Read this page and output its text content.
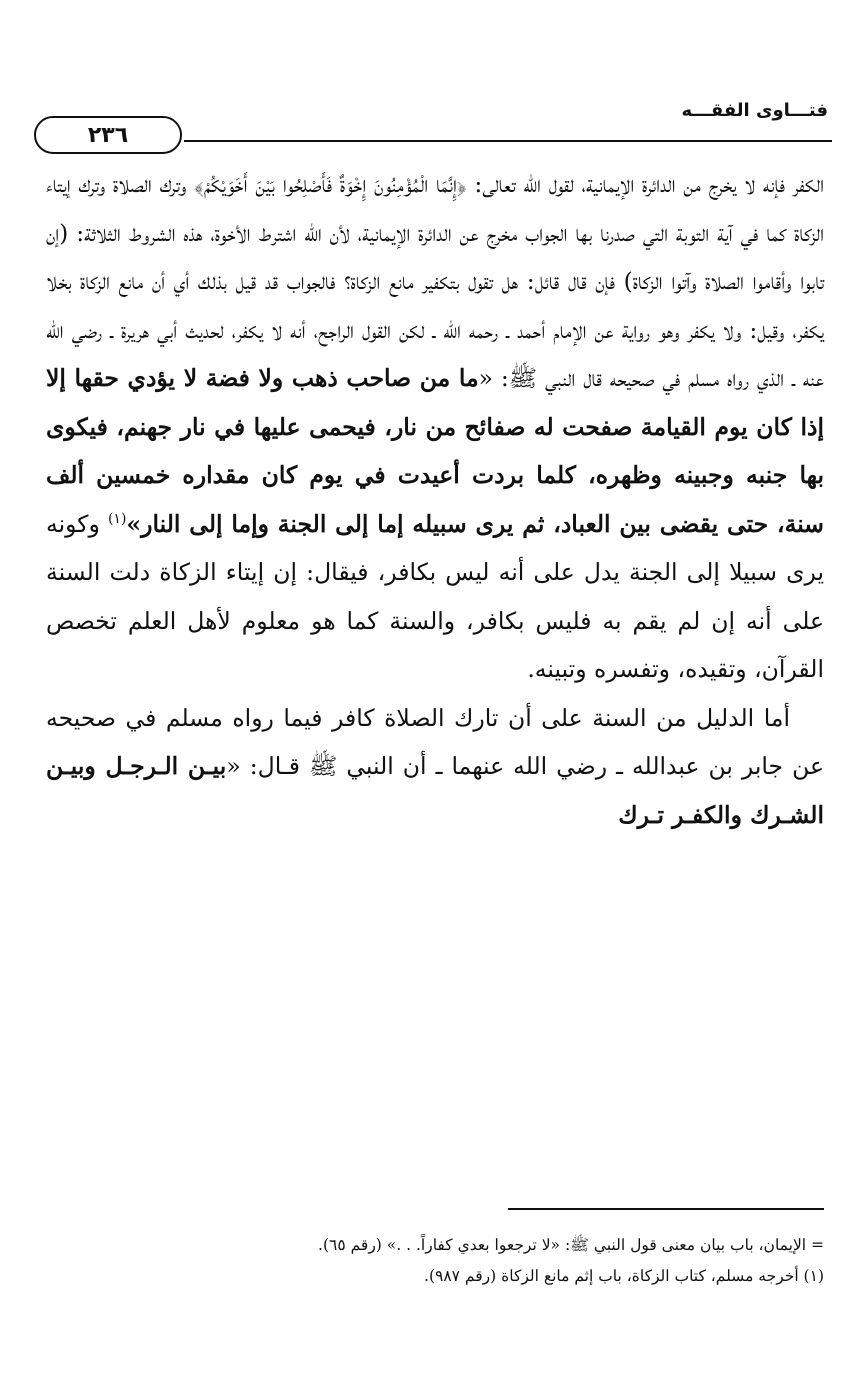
فتـــاوى الفقـــه
٢٣٦

الكفر فإنه لا يخرج من الدائرة الإيمانية، لقول الله تعالى: ﴿إِنَّمَا الْمُؤْمِنُونَ إِخْوَةٌ فَأَصْلِحُوا بَيْنَ أَخَوَيْكُمْ﴾ وترك الصلاة وترك إيتاء الزكاة كما في آية التوبة التي صدرنا بها الجواب مخرج عن الدائرة الإيمانية، لأن الله اشترط الأخوة، هذه الشروط الثلاثة: (إن تابوا وأقاموا الصلاة وآتوا الزكاة) فإن قال قائل: هل تقول بتكفير مانع الزكاة؟ فالجواب قد قيل بذلك أي أن مانع الزكاة بخلا يكفر، وقيل: ولا يكفر وهو رواية عن الإمام أحمد ـ رحمه الله ـ لكن القول الراجح، أنه لا يكفر، لحديث أبي هريرة ـ رضي الله عنه ـ الذي رواه مسلم في صحيحه قال النبي ﷺ: «ما من صاحب ذهب ولا فضة لا يؤدي حقها إلا إذا كان يوم القيامة صفحت له صفائح من نار، فيحمى عليها في نار جهنم، فيكوى بها جنبه وجبينه وظهره، كلما بردت أعيدت في يوم كان مقداره خمسين ألف سنة، حتى يقضى بين العباد، ثم يرى سبيله إما إلى الجنة وإما إلى النار»$^{(١)}$ وكونه يرى سبيلا إلى الجنة يدل على أنه ليس بكافر، فيقال: إن إيتاء الزكاة دلت السنة على أنه إن لم يقم به فليس بكافر، والسنة كما هو معلوم لأهل العلم تخصص القرآن، وتقيده، وتفسره وتبينه.

أما الدليل من السنة على أن تارك الصلاة كافر فيما رواه مسلم في صحيحه عن جابر بن عبدالله ـ رضي الله عنهما ـ أن النبي ﷺ قـال: «بيـن الـرجـل وبيـن الشـرك والكفـر تـرك

= الإيمان، باب بيان معنى قول النبي ﷺ: «لا ترجعوا بعدي كفاراً. . .» (رقم ٦٥).
(١) أخرجه مسلم، كتاب الزكاة، باب إثم مانع الزكاة (رقم ٩٨٧).
